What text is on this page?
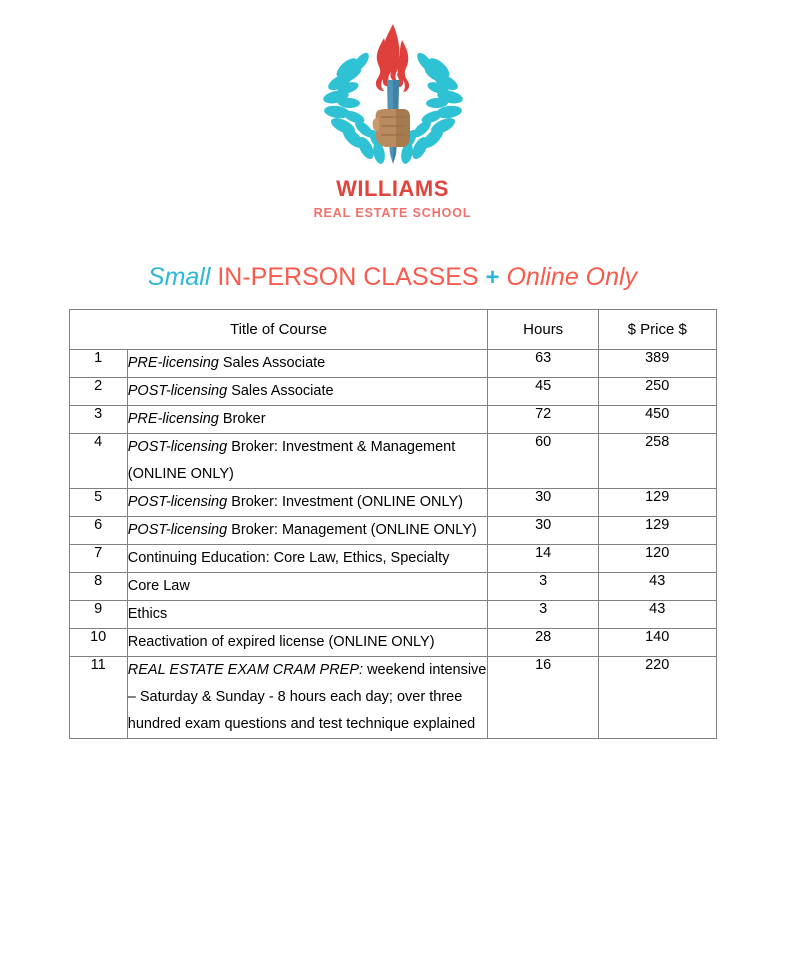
WILLIAMS
REAL ESTATE SCHOOL
Small IN-PERSON CLASSES + Online Only
Title of Course		Hours	$ Price $
1	PRE-licensing Sales Associate	63	389
2	POST-licensing Sales Associate	45	250
3	PRE-licensing Broker	72	450
4	POST-licensing Broker: Investment & Management (ONLINE ONLY)	60	258
5	POST-licensing Broker: Investment (ONLINE ONLY)	30	129
6	POST-licensing Broker: Management (ONLINE ONLY)	30	129
7	Continuing Education: Core Law, Ethics, Specialty	14	120
8	Core Law	3	43
9	Ethics	3	43
10	Reactivation of expired license (ONLINE ONLY)	28	140
11	REAL ESTATE EXAM CRAM PREP: weekend intensive – Saturday & Sunday - 8 hours each day; over three hundred exam questions and test technique explained	16	220
